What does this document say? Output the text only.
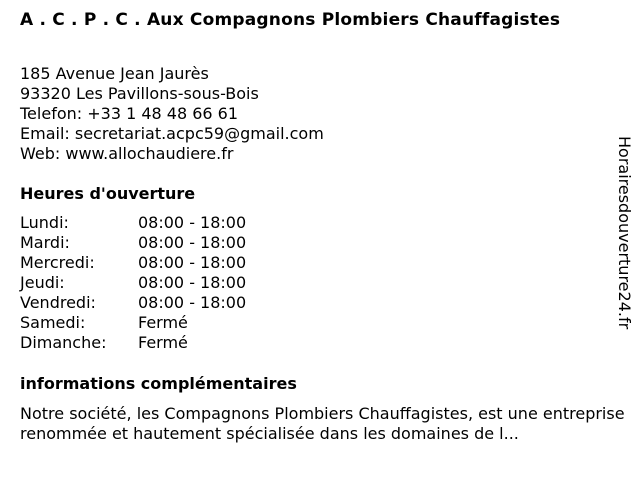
A . C . P . C . Aux Compagnons Plombiers Chauffagistes
185 Avenue Jean Jaurès
93320 Les Pavillons-sous-Bois
Telefon: +33 1 48 48 66 61
Email: secretariat.acpc59@gmail.com
Web: www.allochaudiere.fr
Heures d'ouverture
Lundi:	08:00 - 18:00
Mardi:	08:00 - 18:00
Mercredi:	08:00 - 18:00
Jeudi:	08:00 - 18:00
Vendredi:	08:00 - 18:00
Samedi:	Fermé
Dimanche:	Fermé
informations complémentaires
Notre société, les Compagnons Plombiers Chauffagistes, est une entreprise renommée et hautement spécialisée dans les domaines de l...
Horairesdouverture24.fr
